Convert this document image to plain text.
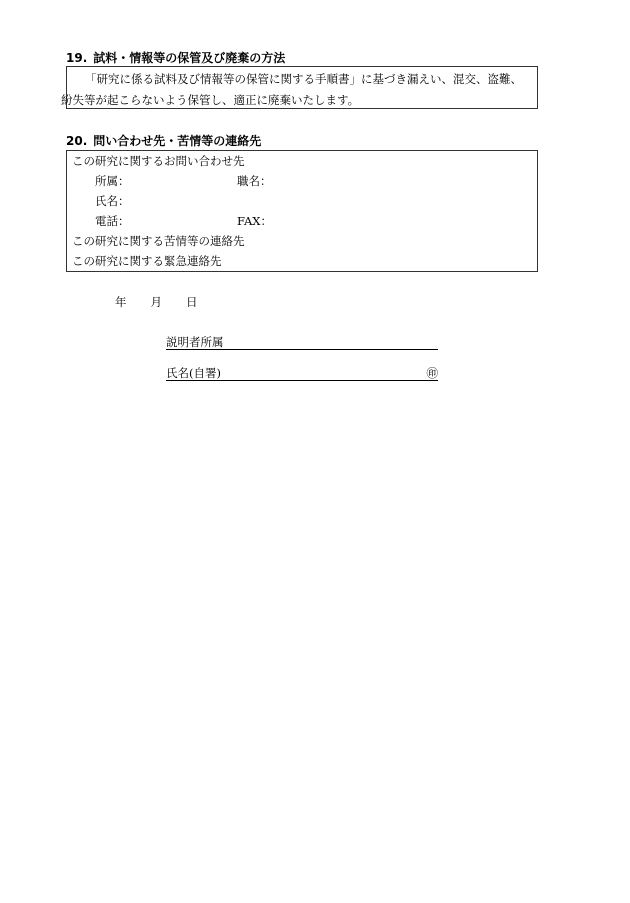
19. 試料・情報等の保管及び廃棄の方法

「研究に係る試料及び情報等の保管に関する手順書」に基づき漏えい、混交、盗難、
紛失等が起こらないよう保管し、適正に廃棄いたします。

20. 問い合わせ先・苦情等の連絡先
この研究に関するお問い合わせ先
所属：	職名：
氏名：
電話：	FAX：
この研究に関する苦情等の連絡先
この研究に関する緊急連絡先
年 月 日
説明者所属
氏名(自署)	㊞
